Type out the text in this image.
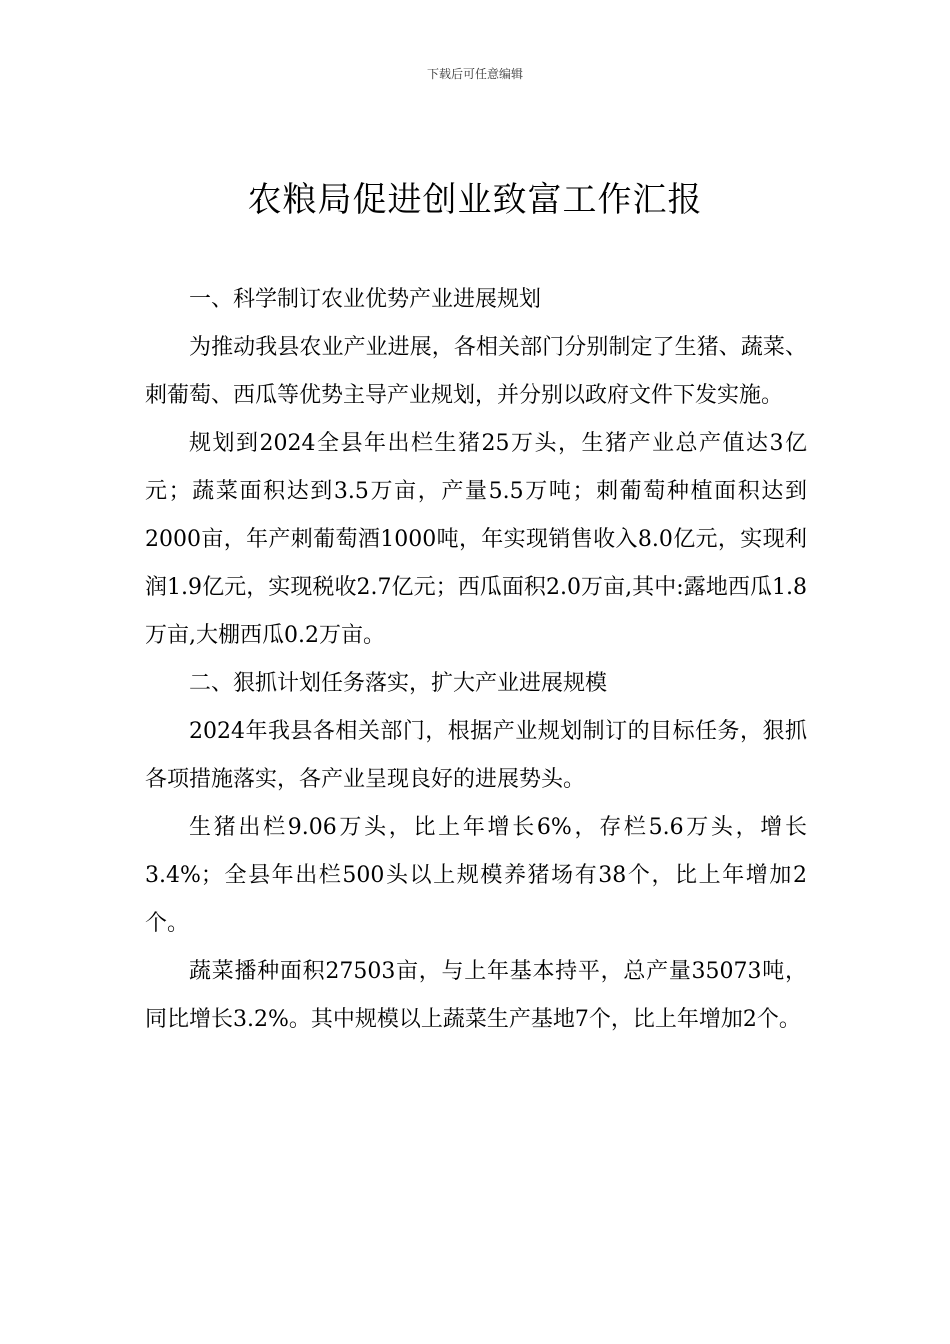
下载后可任意编辑
农粮局促进创业致富工作汇报

一、科学制订农业优势产业进展规划

为推动我县农业产业进展，各相关部门分别制定了生猪、蔬菜、刺葡萄、西瓜等优势主导产业规划，并分别以政府文件下发实施。

规划到2024全县年出栏生猪25万头，生猪产业总产值达3亿元；蔬菜面积达到3.5万亩，产量5.5万吨；刺葡萄种植面积达到2000亩，年产刺葡萄酒1000吨，年实现销售收入8.0亿元，实现利润1.9亿元，实现税收2.7亿元；西瓜面积2.0万亩,其中:露地西瓜1.8万亩,大棚西瓜0.2万亩。

二、狠抓计划任务落实，扩大产业进展规模

2024年我县各相关部门，根据产业规划制订的目标任务，狠抓各项措施落实，各产业呈现良好的进展势头。

生猪出栏9.06万头，比上年增长6%，存栏5.6万头，增长3.4%；全县年出栏500头以上规模养猪场有38个，比上年增加2个。

蔬菜播种面积27503亩，与上年基本持平，总产量35073吨，同比增长3.2%。其中规模以上蔬菜生产基地7个，比上年增加2个。
